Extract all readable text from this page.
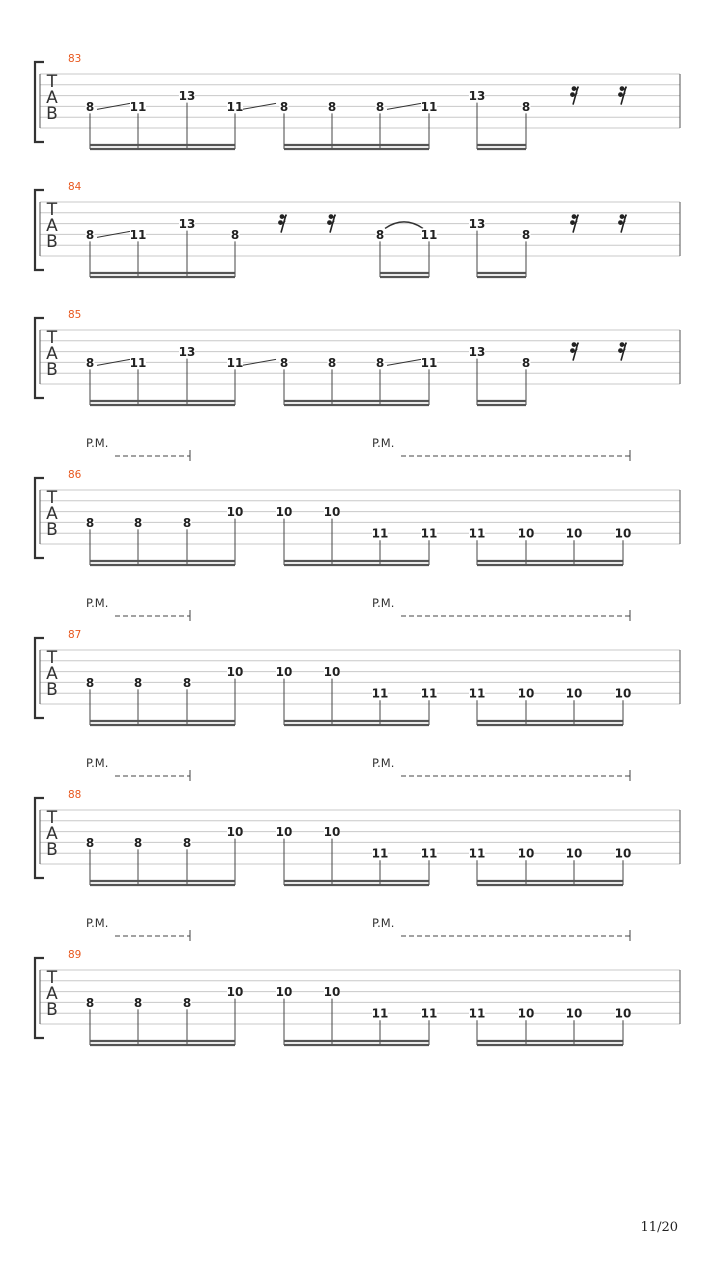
83
T
A
B 8	11
13
11	8	8	8	11
13
8
84
T
A
B 8	11
13
8	8	11
13
8
85
T
A
B 8	11
13
11	8	8	8	11
13
8
P.M.	P.M.
86
T
A
B 8	8	8
10	10	10
11	11	11	10	10	10
P.M.	P.M.
87
T
A
B 8	8	8
10	10	10
11	11	11	10	10	10
P.M.	P.M.
88
T
A
B 8	8	8
10	10	10
11	11	11	10	10	10
P.M.	P.M.
89
T
A
B 8	8	8
10	10	10
11	11	11	10	10	10
11/20
